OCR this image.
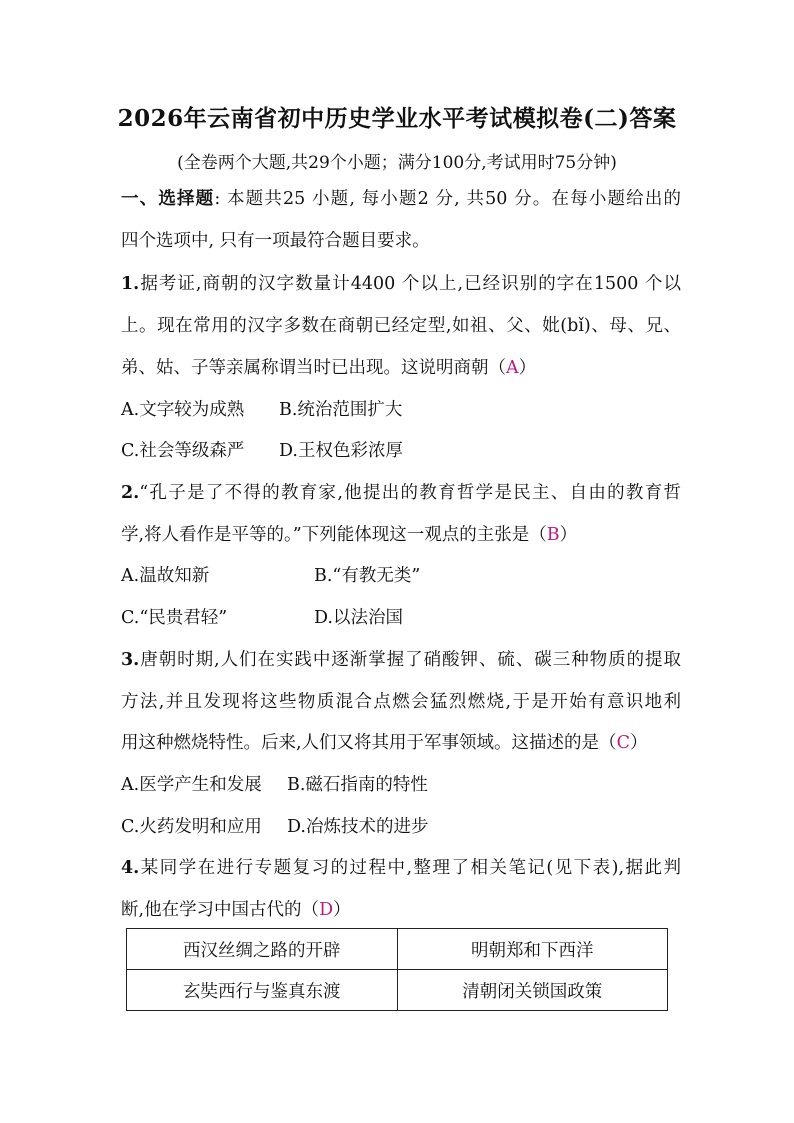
2026年云南省初中历史学业水平考试模拟卷(二)答案
(全卷两个大题,共29个小题；满分100分,考试用时75分钟)
一、选择题: 本题共25 小题, 每小题2 分, 共50 分。在每小题给出的
四个选项中, 只有一项最符合题目要求。
1.据考证,商朝的汉字数量计4400 个以上,已经识别的字在1500 个以
上。现在常用的汉字多数在商朝已经定型,如祖、父、妣(bǐ)、母、兄、
弟、姑、子等亲属称谓当时已出现。这说明商朝（A）
A.文字较为成熟 B.统治范围扩大
C.社会等级森严 D.王权色彩浓厚
2.“孔子是了不得的教育家,他提出的教育哲学是民主、自由的教育哲
学,将人看作是平等的。”下列能体现这一观点的主张是（B）
A.温故知新	B.“有教无类”
C.“民贵君轻”	D.以法治国
3.唐朝时期,人们在实践中逐渐掌握了硝酸钾、硫、碳三种物质的提取
方法,并且发现将这些物质混合点燃会猛烈燃烧,于是开始有意识地利
用这种燃烧特性。后来,人们又将其用于军事领域。这描述的是（C）
A.医学产生和发展 B.磁石指南的特性
C.火药发明和应用 D.冶炼技术的进步
4.某同学在进行专题复习的过程中,整理了相关笔记(见下表),据此判
断,他在学习中国古代的（D）
西汉丝绸之路的开辟	明朝郑和下西洋
玄奘西行与鉴真东渡	清朝闭关锁国政策
